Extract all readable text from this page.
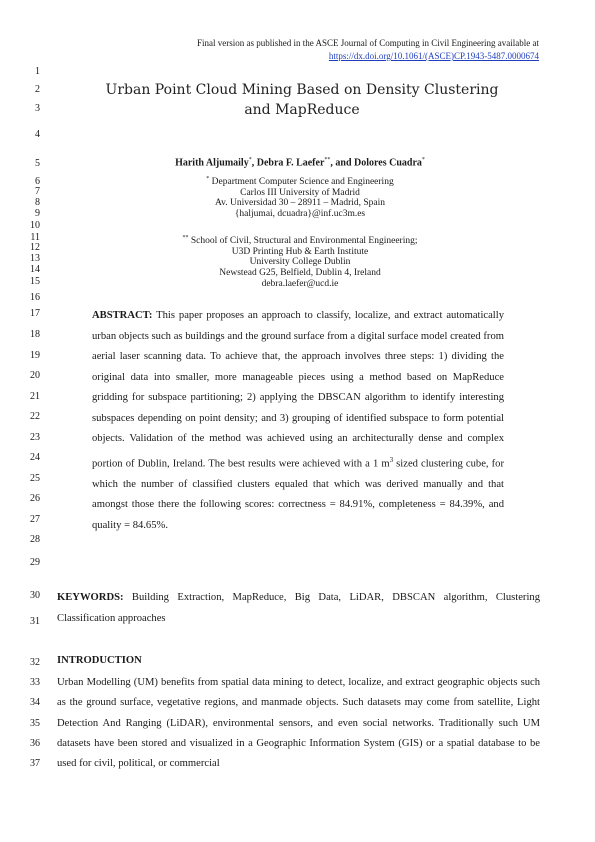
Final version as published in the ASCE Journal of Computing in Civil Engineering available at
https://dx.doi.org/10.1061/(ASCE)CP.1943-5487.0000674
1
2
3
4
5
6
7
8
9
10
11
12
13
14
15
16
17
18
19
20
21
22
23
24
25
26
27
28
29
30
31
32
33
34
35
36
37
Urban Point Cloud Mining Based on Density Clustering
and MapReduce
Harith Aljumaily*, Debra F. Laefer**, and Dolores Cuadra*
* Department Computer Science and Engineering
Carlos III University of Madrid
Av. Universidad 30 – 28911 – Madrid, Spain
{haljumai, dcuadra}@inf.uc3m.es
** School of Civil, Structural and Environmental Engineering;
U3D Printing Hub & Earth Institute
University College Dublin
Newstead G25, Belfield, Dublin 4, Ireland
debra.laefer@ucd.ie
ABSTRACT: This paper proposes an approach to classify, localize, and extract automatically urban objects such as buildings and the ground surface from a digital surface model created from aerial laser scanning data. To achieve that, the approach involves three steps: 1) dividing the original data into smaller, more manageable pieces using a method based on MapReduce gridding for subspace partitioning; 2) applying the DBSCAN algorithm to identify interesting subspaces depending on point density; and 3) grouping of identified subspace to form potential objects. Validation of the method was achieved using an architecturally dense and complex portion of Dublin, Ireland. The best results were achieved with a 1 $m^3$ sized clustering cube, for which the number of classified clusters equaled that which was derived manually and that amongst those there the following scores: correctness = 84.91%, completeness = 84.39%, and quality = 84.65%.
KEYWORDS: Building Extraction, MapReduce, Big Data, LiDAR, DBSCAN algorithm, Clustering Classification approaches
INTRODUCTION
Urban Modelling (UM) benefits from spatial data mining to detect, localize, and extract geographic objects such as the ground surface, vegetative regions, and manmade objects. Such datasets may come from satellite, Light Detection And Ranging (LiDAR), environmental sensors, and even social networks. Traditionally such UM datasets have been stored and visualized in a Geographic Information System (GIS) or a spatial database to be used for civil, political, or commercial
